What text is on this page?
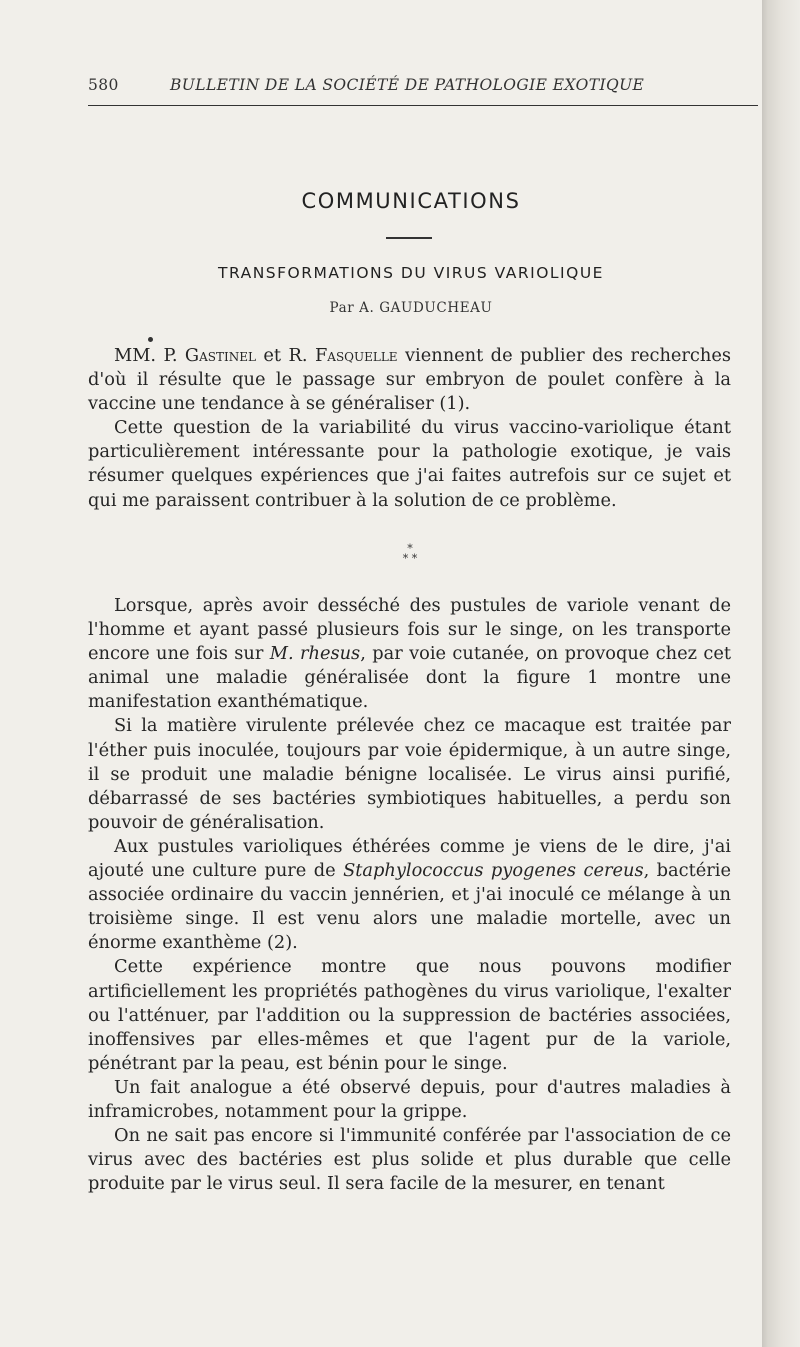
580	BULLETIN DE LA SOCIÉTÉ DE PATHOLOGIE EXOTIQUE
COMMUNICATIONS
TRANSFORMATIONS DU VIRUS VARIOLIQUE
Par A. GAUDUCHEAU

MM. P. Gastinel et R. Fasquelle viennent de publier des recherches d'où il résulte que le passage sur embryon de poulet confère à la vaccine une tendance à se généraliser (1).

Cette question de la variabilité du virus vaccino-variolique étant particulièrement intéressante pour la pathologie exotique, je vais résumer quelques expériences que j'ai faites autrefois sur ce sujet et qui me paraissent contribuer à la solution de ce problème.

*
* *

Lorsque, après avoir desséché des pustules de variole venant de l'homme et ayant passé plusieurs fois sur le singe, on les transporte encore une fois sur M. rhesus, par voie cutanée, on provoque chez cet animal une maladie généralisée dont la figure 1 montre une manifestation exanthématique.

Si la matière virulente prélevée chez ce macaque est traitée par l'éther puis inoculée, toujours par voie épidermique, à un autre singe, il se produit une maladie bénigne localisée. Le virus ainsi purifié, débarrassé de ses bactéries symbiotiques habituelles, a perdu son pouvoir de généralisation.

Aux pustules varioliques éthérées comme je viens de le dire, j'ai ajouté une culture pure de Staphylococcus pyogenes cereus, bactérie associée ordinaire du vaccin jennérien, et j'ai inoculé ce mélange à un troisième singe. Il est venu alors une maladie mortelle, avec un énorme exanthème (2).

Cette expérience montre que nous pouvons modifier artificiellement les propriétés pathogènes du virus variolique, l'exalter ou l'atténuer, par l'addition ou la suppression de bactéries associées, inoffensives par elles-mêmes et que l'agent pur de la variole, pénétrant par la peau, est bénin pour le singe.

Un fait analogue a été observé depuis, pour d'autres maladies à inframicrobes, notamment pour la grippe.

On ne sait pas encore si l'immunité conférée par l'association de ce virus avec des bactéries est plus solide et plus durable que celle produite par le virus seul. Il sera facile de la mesurer, en tenant
